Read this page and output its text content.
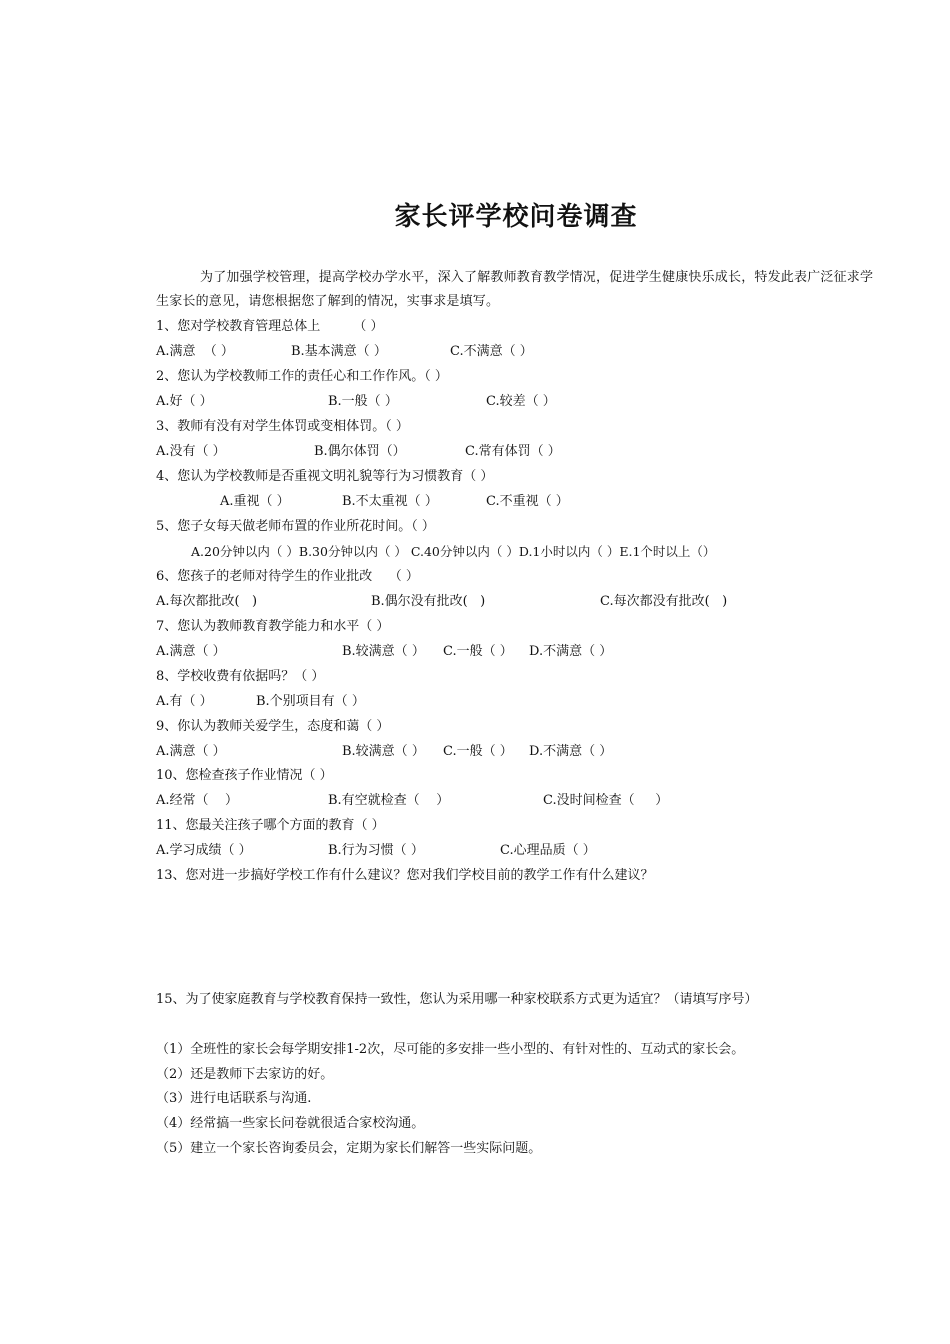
家长评学校问卷调查
为了加强学校管理，提高学校办学水平，深入了解教师教育教学情况，促进学生健康快乐成长，特发此表广泛征求学生家长的意见，请您根据您了解到的情况，实事求是填写。
1、您对学校教育管理总体上        （ ）
A.满意  （ ）	B.基本满意（ ）	C.不满意（ ）
2、您认为学校教师工作的责任心和工作作风。（ ）
A.好（ ）	B.一般（ ）	C.较差（ ）
3、教师有没有对学生体罚或变相体罚。（ ）
A.没有（ ）	B.偶尔体罚（）	C.常有体罚（ ）
4、您认为学校教师是否重视文明礼貌等行为习惯教育（ ）
A.重视（ ）	B.不太重视（ ）	C.不重视（ ）
5、您子女每天做老师布置的作业所花时间。（ ）
A.20分钟以内（ ）B.30分钟以内（ ） C.40分钟以内（ ）D.1小时以内（ ）E.1个时以上（）
6、您孩子的老师对待学生的作业批改    （ ）
A.每次都批改(   )	B.偶尔没有批改(   )	C.每次都没有批改(   )
7、您认为教师教育教学能力和水平（ ）
A.满意（ ）	B.较满意（ ） C.一般（ ） D.不满意（ ）
8、学校收费有依据吗？（ ）
A.有（ ）	B.个别项目有（ ）
9、你认为教师关爱学生，态度和蔼（ ）
A.满意（ ）	B.较满意（ ） C.一般（ ） D.不满意（ ）
10、您检查孩子作业情况（ ）
A.经常（    ）	B.有空就检查（    ）	C.没时间检查（     ）
11、您最关注孩子哪个方面的教育（ ）
A.学习成绩（ ）	B.行为习惯（ ）	C.心理品质（ ）
13、您对进一步搞好学校工作有什么建议？您对我们学校目前的教学工作有什么建议？
15、为了使家庭教育与学校教育保持一致性，您认为采用哪一种家校联系方式更为适宜？（请填写序号）
（1）全班性的家长会每学期安排1-2次，尽可能的多安排一些小型的、有针对性的、互动式的家长会。
（2）还是教师下去家访的好。
（3）进行电话联系与沟通.
（4）经常搞一些家长问卷就很适合家校沟通。
（5）建立一个家长咨询委员会，定期为家长们解答一些实际问题。
